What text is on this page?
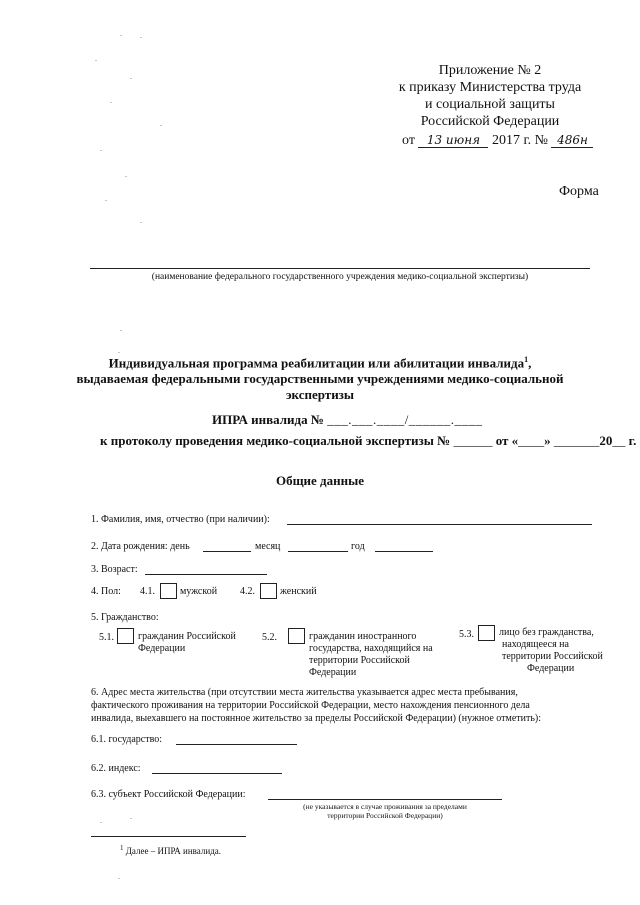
Приложение № 2
к приказу Министерства труда
и социальной защиты
Российской Федерации
от 13 июня 2017 г. № 486н
Форма
(наименование федерального государственного учреждения медико-социальной экспертизы)
Индивидуальная программа реабилитации или абилитации инвалида$^1$,
выдаваемая федеральными государственными учреждениями медико-социальной
экспертизы
ИПРА инвалида № ___.___.____/______.____
к протоколу проведения медико-социальной экспертизы № ______ от «____» _______20__ г.
Общие данные
1. Фамилия, имя, отчество (при наличии):
2. Дата рождения: день	месяц	год
3. Возраст:
4. Пол: 4.1.	мужской 4.2.	женский
5. Гражданство:
5.1. гражданин Российской
Федерации
5.2.	гражданин иностранного
государства, находящийся на
территории Российской
Федерации
5.3.	лицо без гражданства,
находящееся на
территории Российской
Федерации
6. Адрес места жительства (при отсутствии места жительства указывается адрес места пребывания,
фактического проживания на территории Российской Федерации, место нахождения пенсионного дела
инвалида, выехавшего на постоянное жительство за пределы Российской Федерации) (нужное отметить):
6.1. государство:
6.2. индекс:
6.3. субъект Российской Федерации:
(не указывается в случае проживания за пределами
территории Российской Федерации)
$^1$ Далее – ИПРА инвалида.
